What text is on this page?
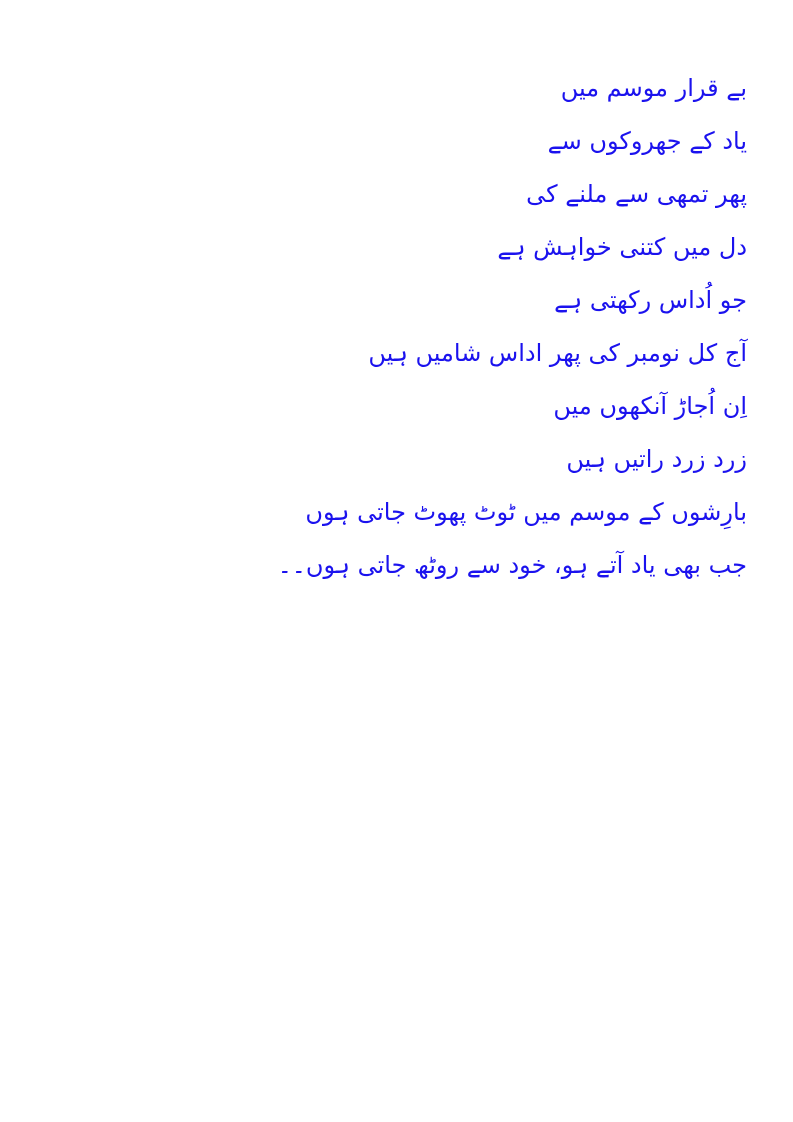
بے قرار موسم میں
یاد کے جھروکوں سے
پھر تمھی سے ملنے کی
دل میں کتنی خواہش ہے
جو اُداس رکھتی ہے
آج کل نومبر کی پھر اداس شامیں ہیں
اِن اُجاڑ آنکھوں میں
زرد زرد راتیں ہیں
بارِشوں کے موسم میں ٹوٹ پھوٹ جاتی ہوں
جب بھی یاد آتے ہو، خود سے روٹھ جاتی ہوں۔۔
